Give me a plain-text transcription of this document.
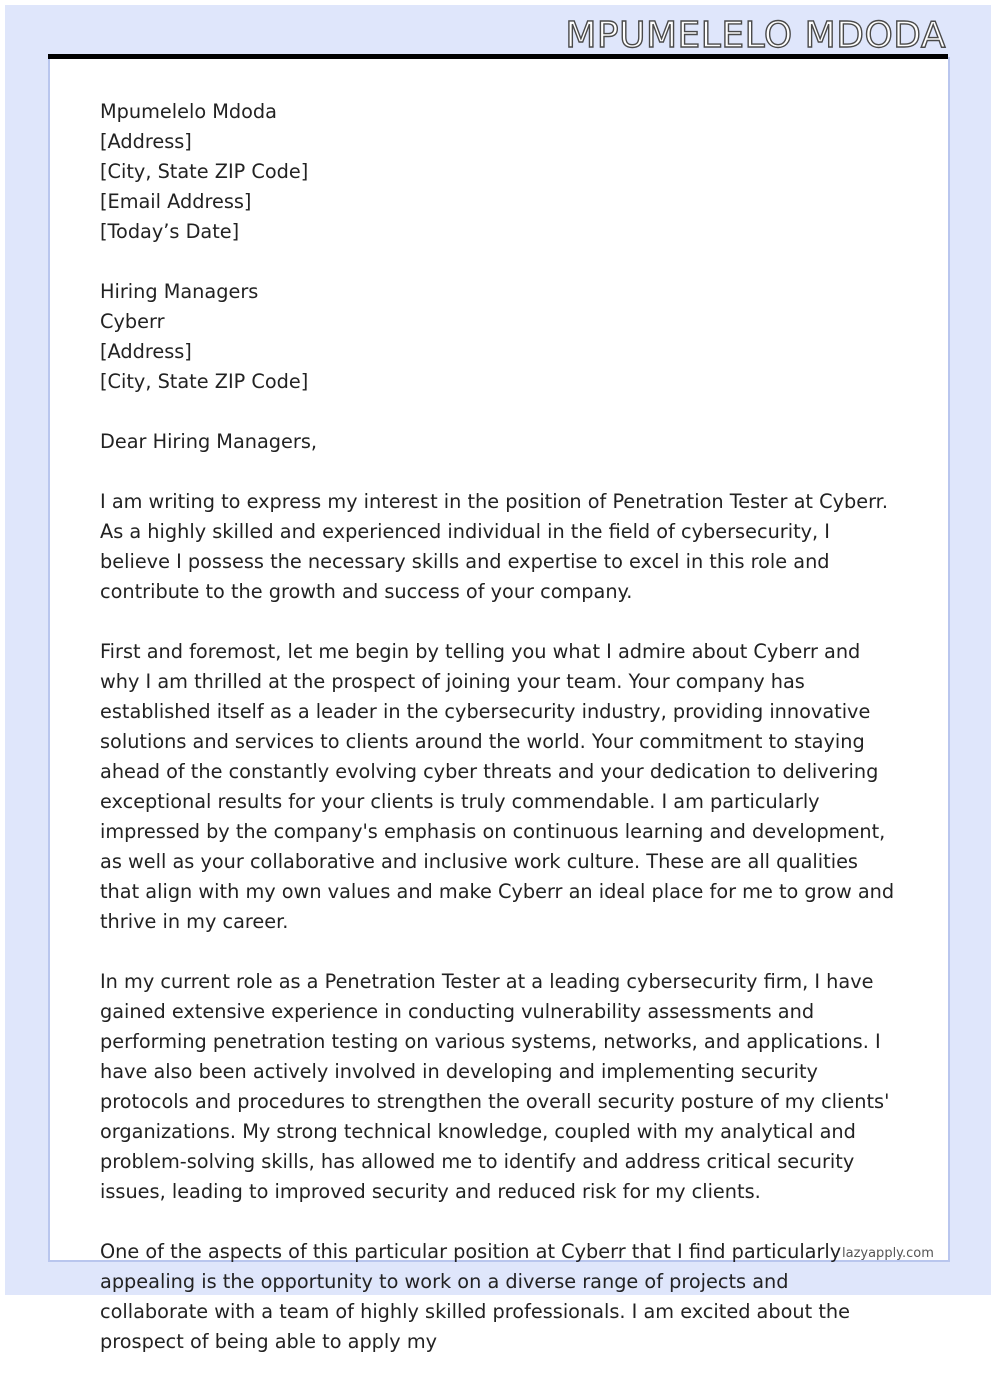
MPUMELELO MDODA
Mpumelelo Mdoda
[Address]
[City, State ZIP Code]
[Email Address]
[Today’s Date]
Hiring Managers
Cyberr
[Address]
[City, State ZIP Code]

Dear Hiring Managers,

I am writing to express my interest in the position of Penetration Tester at Cyberr. As a highly skilled and experienced individual in the field of cybersecurity, I believe I possess the necessary skills and expertise to excel in this role and contribute to the growth and success of your company.

First and foremost, let me begin by telling you what I admire about Cyberr and why I am thrilled at the prospect of joining your team. Your company has established itself as a leader in the cybersecurity industry, providing innovative solutions and services to clients around the world. Your commitment to staying ahead of the constantly evolving cyber threats and your dedication to delivering exceptional results for your clients is truly commendable. I am particularly impressed by the company's emphasis on continuous learning and development, as well as your collaborative and inclusive work culture. These are all qualities that align with my own values and make Cyberr an ideal place for me to grow and thrive in my career.

In my current role as a Penetration Tester at a leading cybersecurity firm, I have gained extensive experience in conducting vulnerability assessments and performing penetration testing on various systems, networks, and applications. I have also been actively involved in developing and implementing security protocols and procedures to strengthen the overall security posture of my clients' organizations. My strong technical knowledge, coupled with my analytical and problem-solving skills, has allowed me to identify and address critical security issues, leading to improved security and reduced risk for my clients.

One of the aspects of this particular position at Cyberr that I find particularly appealing is the opportunity to work on a diverse range of projects and collaborate with a team of highly skilled professionals. I am excited about the prospect of being able to apply my

lazyapply.com
